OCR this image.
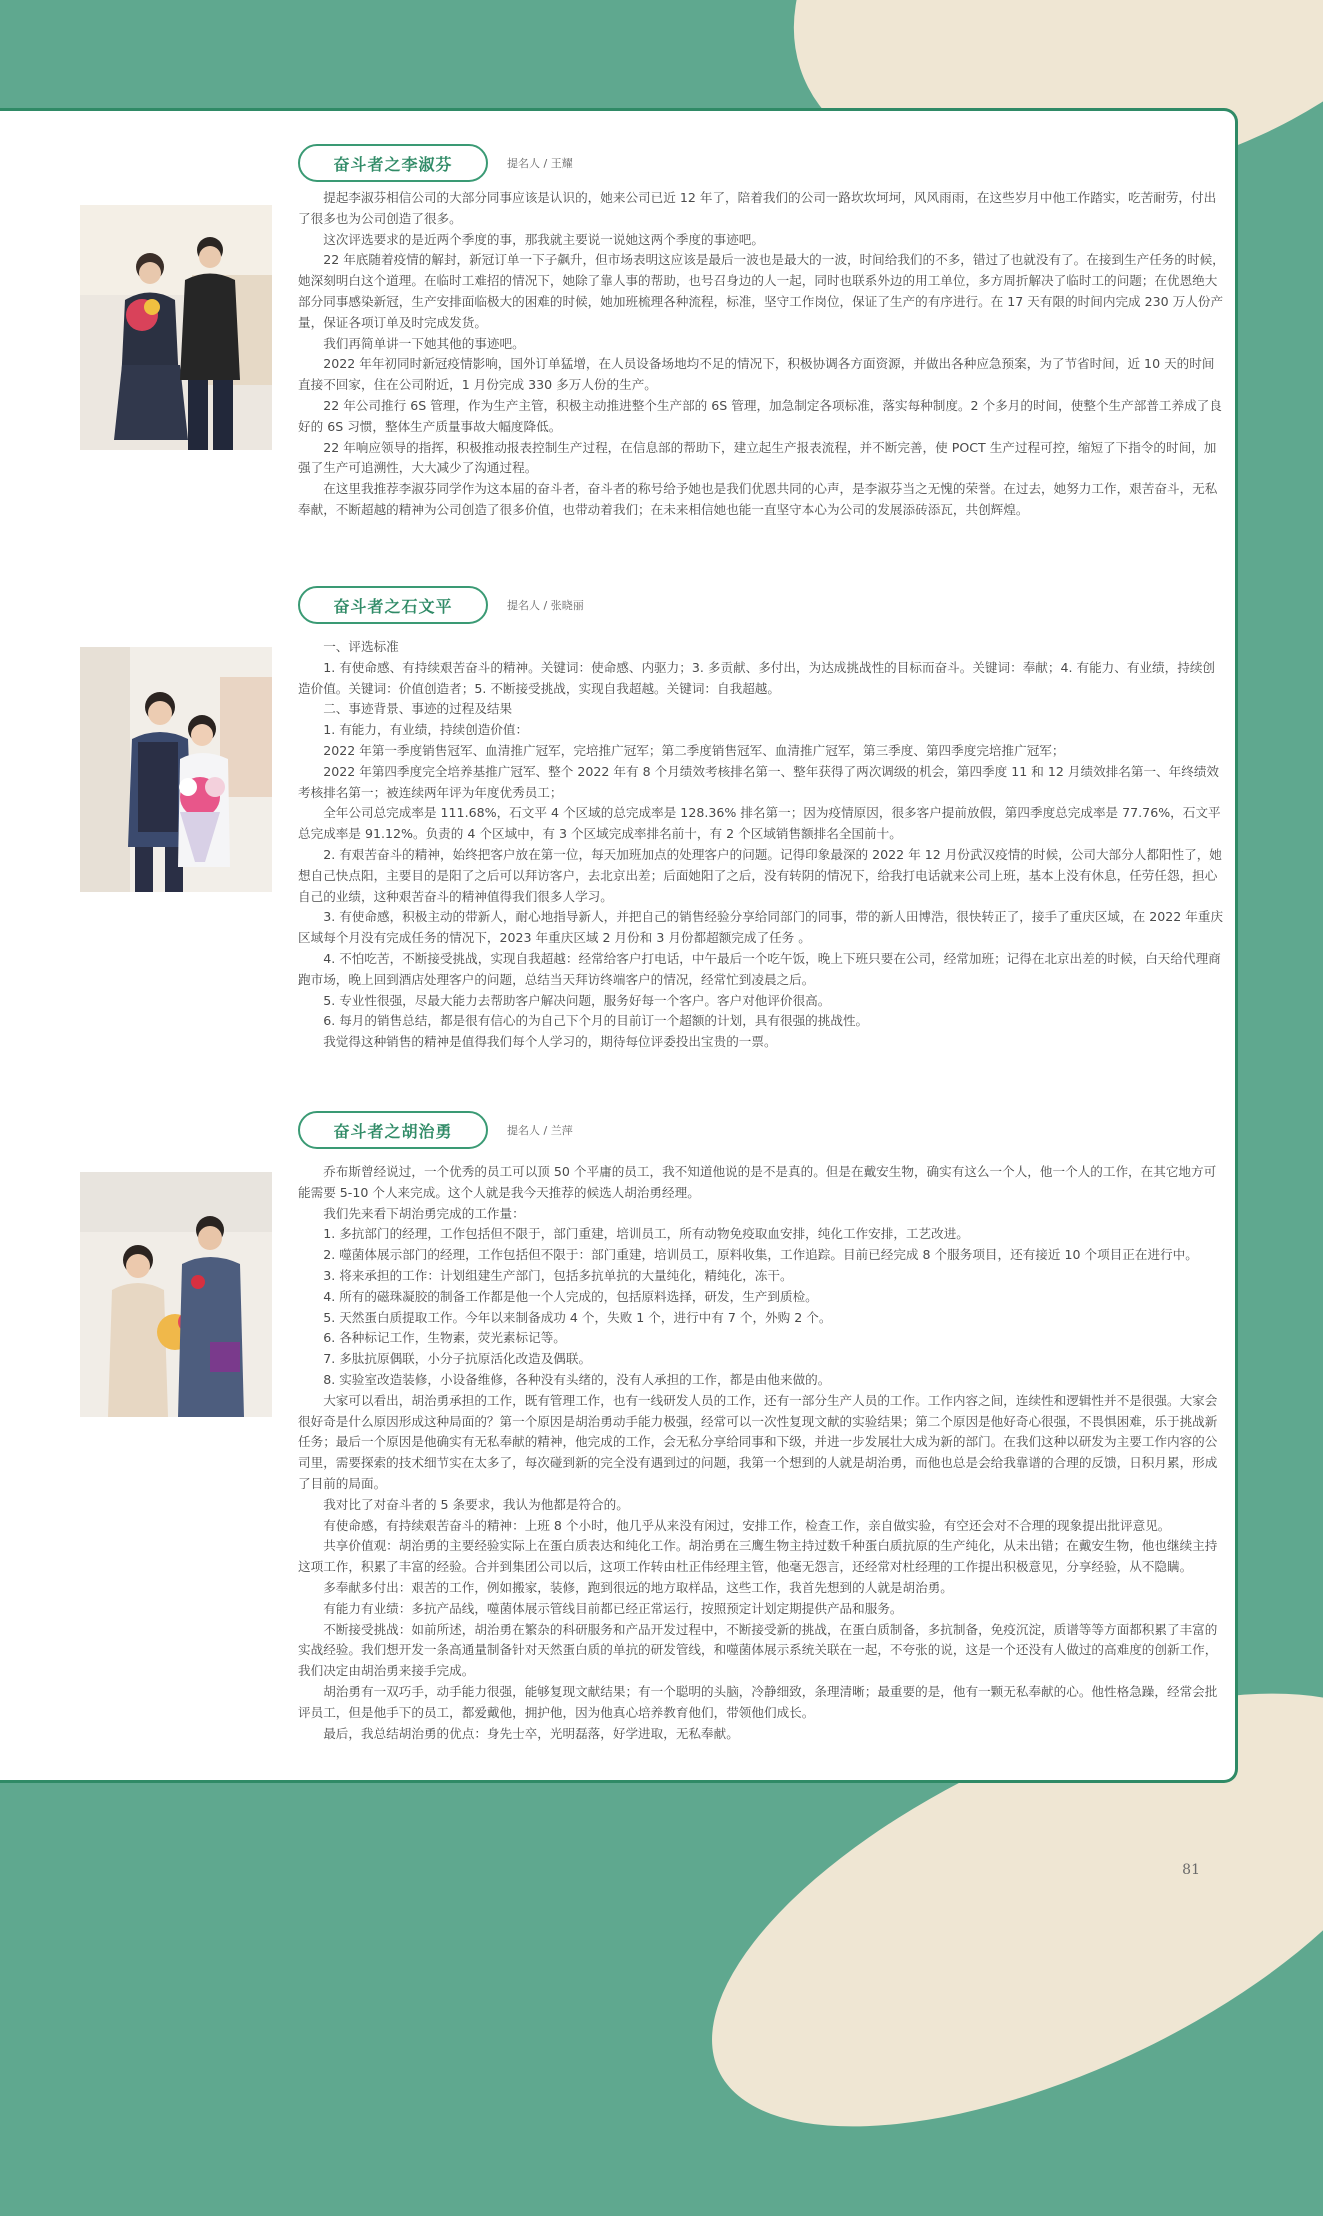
奋斗者之李淑芬	提名人 / 王耀

提起李淑芬相信公司的大部分同事应该是认识的，她来公司已近 12 年了，陪着我们的公司一路坎坎坷坷，风风雨雨，在这些岁月中他工作踏实，吃苦耐劳，付出了很多也为公司创造了很多。

这次评选要求的是近两个季度的事，那我就主要说一说她这两个季度的事迹吧。

22 年底随着疫情的解封，新冠订单一下子飙升，但市场表明这应该是最后一波也是最大的一波，时间给我们的不多，错过了也就没有了。在接到生产任务的时候，她深刻明白这个道理。在临时工难招的情况下，她除了靠人事的帮助，也号召身边的人一起，同时也联系外边的用工单位，多方周折解决了临时工的问题；在优恩绝大部分同事感染新冠，生产安排面临极大的困难的时候，她加班梳理各种流程，标准，坚守工作岗位，保证了生产的有序进行。在 17 天有限的时间内完成 230 万人份产量，保证各项订单及时完成发货。

我们再简单讲一下她其他的事迹吧。

2022 年年初同时新冠疫情影响，国外订单猛增，在人员设备场地均不足的情况下，积极协调各方面资源，并做出各种应急预案，为了节省时间，近 10 天的时间直接不回家，住在公司附近，1 月份完成 330 多万人份的生产。

22 年公司推行 6S 管理，作为生产主管，积极主动推进整个生产部的 6S 管理，加急制定各项标准，落实每种制度。2 个多月的时间，使整个生产部普工养成了良好的 6S 习惯，整体生产质量事故大幅度降低。

22 年响应领导的指挥，积极推动报表控制生产过程，在信息部的帮助下，建立起生产报表流程，并不断完善，使 POCT 生产过程可控，缩短了下指令的时间，加强了生产可追溯性，大大减少了沟通过程。

在这里我推荐李淑芬同学作为这本届的奋斗者，奋斗者的称号给予她也是我们优恩共同的心声，是李淑芬当之无愧的荣誉。在过去，她努力工作，艰苦奋斗，无私奉献，不断超越的精神为公司创造了很多价值，也带动着我们；在未来相信她也能一直坚守本心为公司的发展添砖添瓦，共创辉煌。

奋斗者之石文平	提名人 / 张晓丽

一、评选标准

1. 有使命感、有持续艰苦奋斗的精神。关键词：使命感、内驱力；3. 多贡献、多付出，为达成挑战性的目标而奋斗。关键词：奉献；4. 有能力、有业绩，持续创造价值。关键词：价值创造者；5. 不断接受挑战，实现自我超越。关键词：自我超越。

二、事迹背景、事迹的过程及结果

1. 有能力，有业绩，持续创造价值：

2022 年第一季度销售冠军、血清推广冠军，完培推广冠军；第二季度销售冠军、血清推广冠军，第三季度、第四季度完培推广冠军；

2022 年第四季度完全培养基推广冠军、整个 2022 年有 8 个月绩效考核排名第一、整年获得了两次调级的机会，第四季度 11 和 12 月绩效排名第一、年终绩效考核排名第一；被连续两年评为年度优秀员工；

全年公司总完成率是 111.68%，石文平 4 个区域的总完成率是 128.36% 排名第一；因为疫情原因，很多客户提前放假，第四季度总完成率是 77.76%，石文平总完成率是 91.12%。负责的 4 个区域中，有 3 个区域完成率排名前十，有 2 个区域销售额排名全国前十。

2. 有艰苦奋斗的精神，始终把客户放在第一位，每天加班加点的处理客户的问题。记得印象最深的 2022 年 12 月份武汉疫情的时候，公司大部分人都阳性了，她想自己快点阳，主要目的是阳了之后可以拜访客户，去北京出差；后面她阳了之后，没有转阴的情况下，给我打电话就来公司上班，基本上没有休息，任劳任怨，担心自己的业绩，这种艰苦奋斗的精神值得我们很多人学习。

3. 有使命感，积极主动的带新人，耐心地指导新人，并把自己的销售经验分享给同部门的同事，带的新人田博浩，很快转正了，接手了重庆区域，在 2022 年重庆区域每个月没有完成任务的情况下，2023 年重庆区域 2 月份和 3 月份都超额完成了任务 。

4. 不怕吃苦，不断接受挑战，实现自我超越：经常给客户打电话，中午最后一个吃午饭，晚上下班只要在公司，经常加班；记得在北京出差的时候，白天给代理商跑市场，晚上回到酒店处理客户的问题，总结当天拜访终端客户的情况，经常忙到凌晨之后。

5. 专业性很强，尽最大能力去帮助客户解决问题，服务好每一个客户。客户对他评价很高。

6. 每月的销售总结，都是很有信心的为自己下个月的目前订一个超额的计划，具有很强的挑战性。

我觉得这种销售的精神是值得我们每个人学习的，期待每位评委投出宝贵的一票。

奋斗者之胡治勇	提名人 / 兰萍

乔布斯曾经说过，一个优秀的员工可以顶 50 个平庸的员工，我不知道他说的是不是真的。但是在戴安生物，确实有这么一个人，他一个人的工作，在其它地方可能需要 5-10 个人来完成。这个人就是我今天推荐的候选人胡治勇经理。

我们先来看下胡治勇完成的工作量：

1. 多抗部门的经理，工作包括但不限于，部门重建，培训员工，所有动物免疫取血安排，纯化工作安排，工艺改进。

2. 噬菌体展示部门的经理，工作包括但不限于：部门重建，培训员工，原料收集，工作追踪。目前已经完成 8 个服务项目，还有接近 10 个项目正在进行中。

3. 将来承担的工作：计划组建生产部门，包括多抗单抗的大量纯化，精纯化，冻干。

4. 所有的磁珠凝胶的制备工作都是他一个人完成的，包括原料选择，研发，生产到质检。

5. 天然蛋白质提取工作。今年以来制备成功 4 个，失败 1 个，进行中有 7 个，外购 2 个。

6. 各种标记工作，生物素，荧光素标记等。

7. 多肽抗原偶联，小分子抗原活化改造及偶联。

8. 实验室改造装修，小设备维修，各种没有头绪的，没有人承担的工作，都是由他来做的。

大家可以看出，胡治勇承担的工作，既有管理工作，也有一线研发人员的工作，还有一部分生产人员的工作。工作内容之间，连续性和逻辑性并不是很强。大家会很好奇是什么原因形成这种局面的？第一个原因是胡治勇动手能力极强，经常可以一次性复现文献的实验结果；第二个原因是他好奇心很强，不畏惧困难，乐于挑战新任务；最后一个原因是他确实有无私奉献的精神，他完成的工作，会无私分享给同事和下级，并进一步发展壮大成为新的部门。在我们这种以研发为主要工作内容的公司里，需要探索的技术细节实在太多了，每次碰到新的完全没有遇到过的问题，我第一个想到的人就是胡治勇，而他也总是会给我靠谱的合理的反馈，日积月累，形成了目前的局面。

我对比了对奋斗者的 5 条要求，我认为他都是符合的。

有使命感，有持续艰苦奋斗的精神：上班 8 个小时，他几乎从来没有闲过，安排工作，检查工作，亲自做实验，有空还会对不合理的现象提出批评意见。

共享价值观：胡治勇的主要经验实际上在蛋白质表达和纯化工作。胡治勇在三鹰生物主持过数千种蛋白质抗原的生产纯化，从未出错；在戴安生物，他也继续主持这项工作，积累了丰富的经验。合并到集团公司以后，这项工作转由杜正伟经理主管，他毫无怨言，还经常对杜经理的工作提出积极意见，分享经验，从不隐瞒。

多奉献多付出：艰苦的工作，例如搬家，装修，跑到很远的地方取样品，这些工作，我首先想到的人就是胡治勇。

有能力有业绩：多抗产品线，噬菌体展示管线目前都已经正常运行，按照预定计划定期提供产品和服务。

不断接受挑战：如前所述，胡治勇在繁杂的科研服务和产品开发过程中，不断接受新的挑战，在蛋白质制备，多抗制备，免疫沉淀，质谱等等方面都积累了丰富的实战经验。我们想开发一条高通量制备针对天然蛋白质的单抗的研发管线，和噬菌体展示系统关联在一起，不夸张的说，这是一个还没有人做过的高难度的创新工作，我们决定由胡治勇来接手完成。

胡治勇有一双巧手，动手能力很强，能够复现文献结果；有一个聪明的头脑，冷静细致，条理清晰；最重要的是，他有一颗无私奉献的心。他性格急躁，经常会批评员工，但是他手下的员工，都爱戴他，拥护他，因为他真心培养教育他们，带领他们成长。

最后，我总结胡治勇的优点：身先士卒，光明磊落，好学进取，无私奉献。

81
